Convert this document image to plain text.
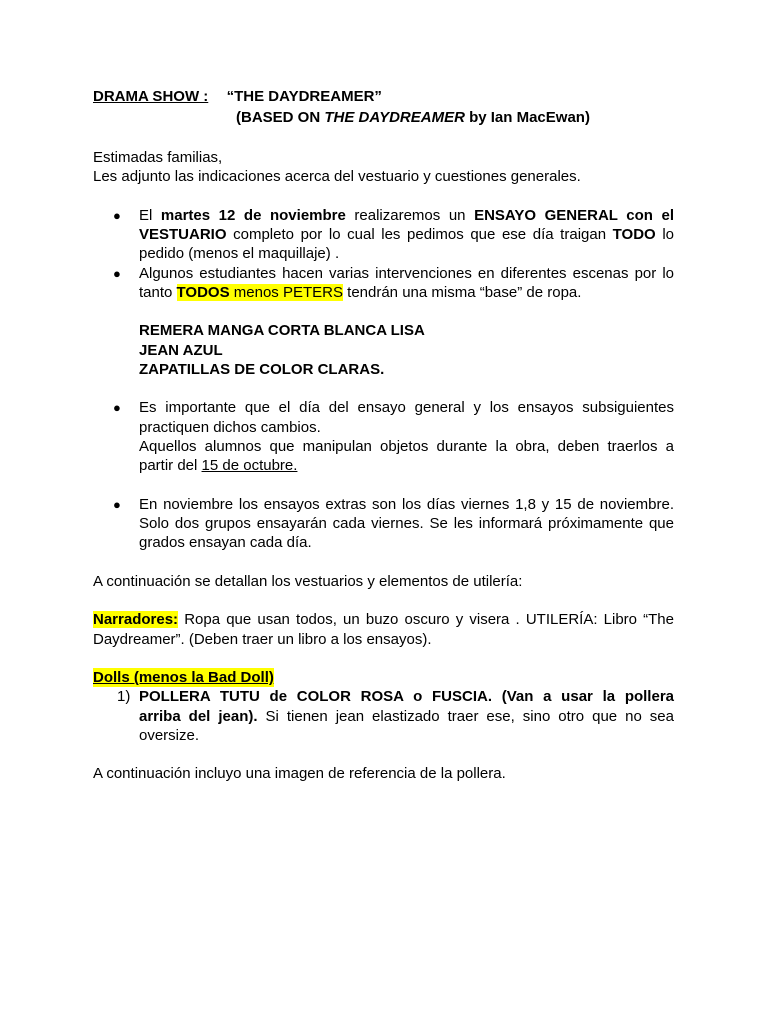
DRAMA SHOW : “THE DAYDREAMER”
(BASED ON THE DAYDREAMER by Ian MacEwan)
Estimadas familias,
Les adjunto las indicaciones acerca del vestuario y cuestiones generales.
● El martes 12 de noviembre realizaremos un ENSAYO GENERAL con el
VESTUARIO completo por lo cual les pedimos que ese día traigan TODO lo
pedido (menos el maquillaje) .
● Algunos estudiantes hacen varias intervenciones en diferentes escenas por lo
tanto TODOS menos PETERS tendrán una misma “base” de ropa.
REMERA MANGA CORTA BLANCA LISA
JEAN AZUL
ZAPATILLAS DE COLOR CLARAS.
● Es importante que el día del ensayo general y los ensayos subsiguientes
practiquen dichos cambios.
Aquellos alumnos que manipulan objetos durante la obra, deben traerlos a
partir del 15 de octubre.
● En noviembre los ensayos extras son los días viernes 1,8 y 15 de noviembre.
Solo dos grupos ensayarán cada viernes. Se les informará próximamente que
grados ensayan cada día.
A continuación se detallan los vestuarios y elementos de utilería:
Narradores: Ropa que usan todos, un buzo oscuro y visera . UTILERÍA: Libro “The
Daydreamer”. (Deben traer un libro a los ensayos).
Dolls (menos la Bad Doll)
1) POLLERA TUTU de COLOR ROSA o FUSCIA. (Van a usar la pollera
arriba del jean). Si tienen jean elastizado traer ese, sino otro que no sea
oversize.
A continuación incluyo una imagen de referencia de la pollera.
